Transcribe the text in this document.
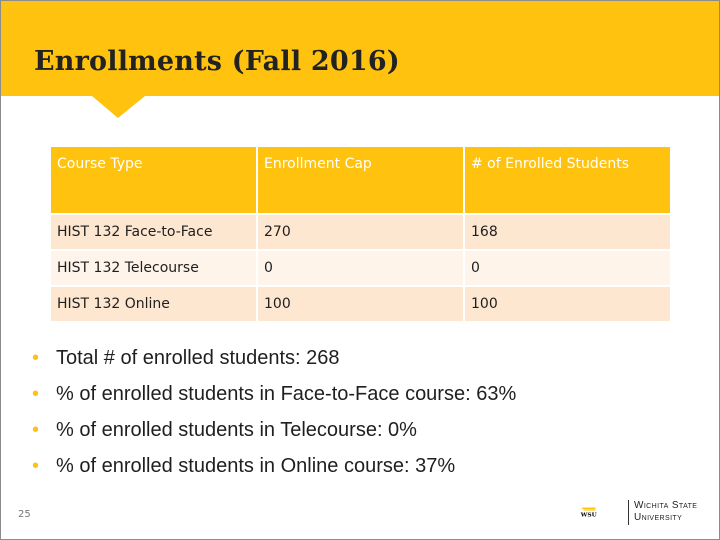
Enrollments (Fall 2016)
Course Type	Enrollment Cap	# of Enrolled Students
HIST 132 Face-to-Face	270	168
HIST 132 Telecourse	0	0
HIST 132 Online	100	100
• Total # of enrolled students: 268
• % of enrolled students in Face-to-Face course: 63%
• % of enrolled students in Telecourse: 0%
• % of enrolled students in Online course: 37%
25	WSU
Wichita State
University
